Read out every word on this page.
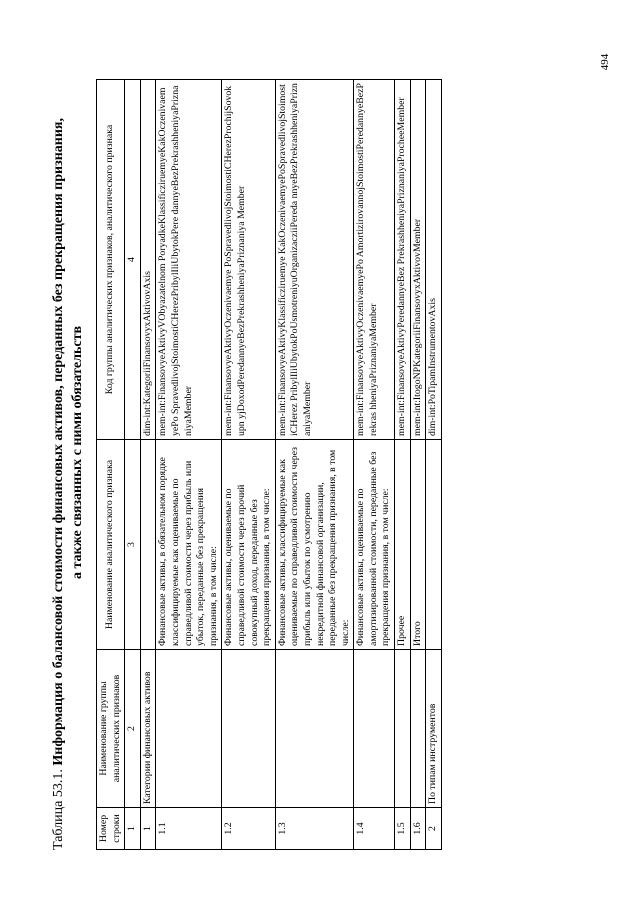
494
Таблица 53.1. Информация о балансовой стоимости финансовых активов, переданных без прекращения признания, а также связанных с ними обязательств
Номер строки	Наименование группы аналитических признаков	Наименование аналитического признака	Код группы аналитических признаков, аналитического признака
1	2	3	4
1	Категории финансовых активов		dim-int:KategoriiFinansovyxAktivovAxis
1.1		Финансовые активы, в обязательном порядке классифицируемые как оцениваемые по справедливой стоимости через прибыль или убыток, переданные без прекращения признания, в том числе:	mem-int:FinansovyeAktivyVObyazatelnom PoryadkeKlassificziruemyeKakOczenivaemyePo SpravedlivojStoimostiCHerezPribylIliUbytokPere dannyeBezPrekrashheniyaPriznaniyaMember
1.2		Финансовые активы, оцениваемые по справедливой стоимости через прочий совокупный доход, переданные без прекращения признания, в том числе:	mem-int:FinansovyeAktivyOczenivaemye PoSpravedlivojStoimostiCHerezProchijSovokupn yjDoxodPeredannyeBezPrekrashheniyaPriznaniya Member
1.3		Финансовые активы, классифицируемые как оцениваемые по справедливой стоимости через прибыль или убыток по усмотрению некредитной финансовой организации, переданные без прекращения признания, в том числе:	mem-int:FinansovyeAktivyKlassificziruemye KakOczenivaemyePoSpravedlivojStoimostiCHerez PribylIliUbytokPoUsmotreniyuOrganizacziiPereda nnyeBezPrekrashheniyaPriznaniyaMember
1.4		Финансовые активы, оцениваемые по амортизированной стоимости, переданные без прекращения признания, в том числе:	mem-int:FinansovyeAktivyOczenivaemyePo AmortizirovannojStoimostiPeredannyeBezPrekras hheniyaPriznaniyaMember
1.5		Прочее	mem-int:FinansovyeAktivyPeredannyeBez PrekrashheniyaPriznaniyaProcheeMember
1.6		Итого	mem-int:ItogoNPKategoriiFinansovyxAktivovMember
2	По типам инструментов		dim-int:PoTipamInstrumentovAxis
